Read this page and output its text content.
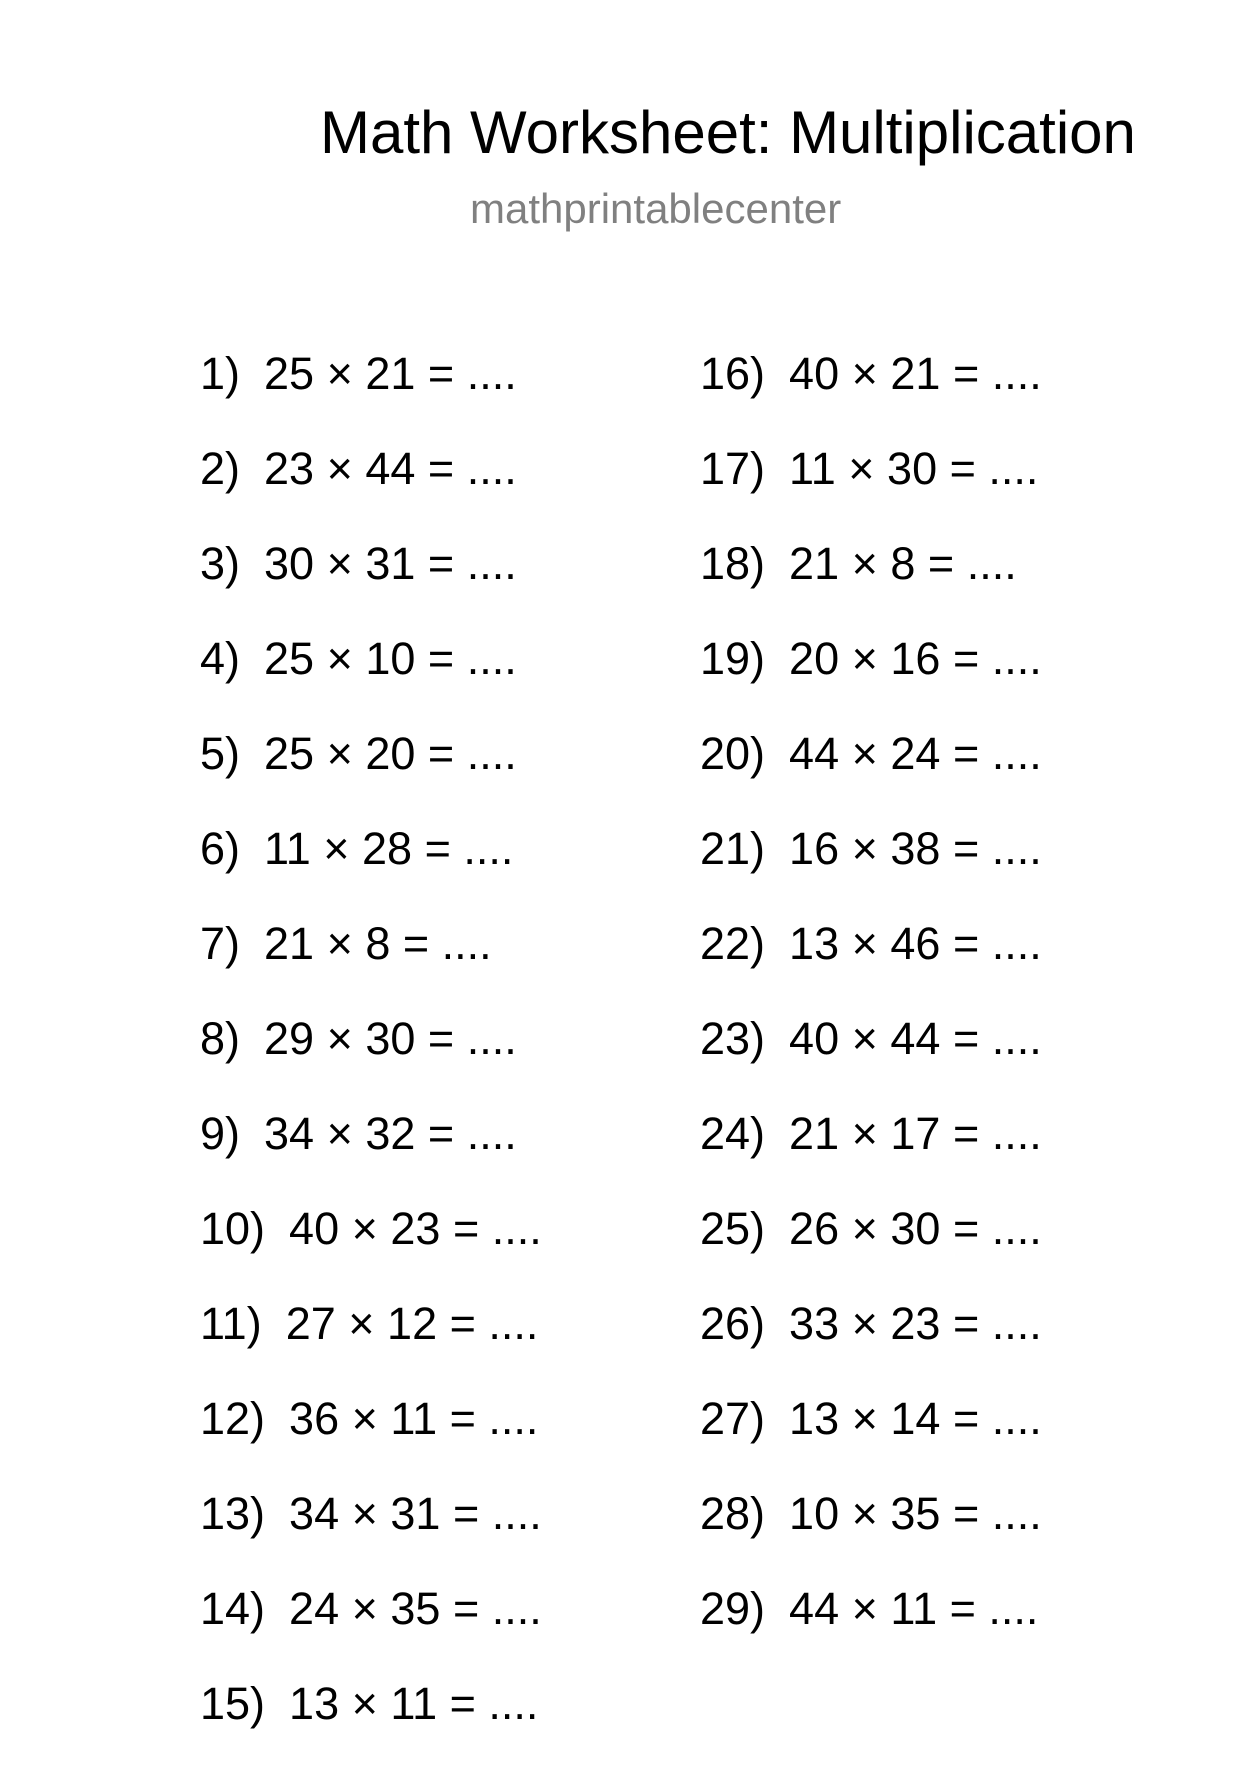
Math Worksheet: Multiplication
mathprintablecenter
1) 25 × 21 = ....
2) 23 × 44 = ....
3) 30 × 31 = ....
4) 25 × 10 = ....
5) 25 × 20 = ....
6) 11 × 28 = ....
7) 21 × 8 = ....
8) 29 × 30 = ....
9) 34 × 32 = ....
10) 40 × 23 = ....
11) 27 × 12 = ....
12) 36 × 11 = ....
13) 34 × 31 = ....
14) 24 × 35 = ....
15) 13 × 11 = ....
16) 40 × 21 = ....
17) 11 × 30 = ....
18) 21 × 8 = ....
19) 20 × 16 = ....
20) 44 × 24 = ....
21) 16 × 38 = ....
22) 13 × 46 = ....
23) 40 × 44 = ....
24) 21 × 17 = ....
25) 26 × 30 = ....
26) 33 × 23 = ....
27) 13 × 14 = ....
28) 10 × 35 = ....
29) 44 × 11 = ....
